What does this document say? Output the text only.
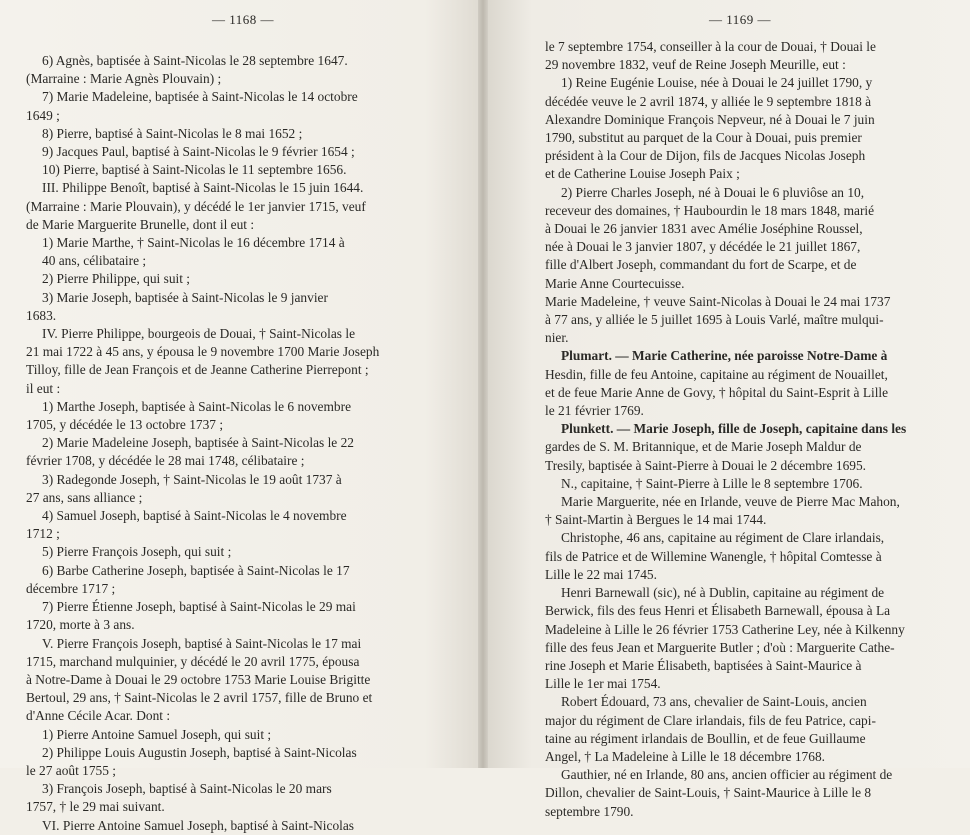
— 1168 —

6) Agnès, baptisée à Saint-Nicolas le 28 septembre 1647.

(Marraine : Marie Agnès Plouvain) ;

7) Marie Madeleine, baptisée à Saint-Nicolas le 14 octobre

1649 ;

8) Pierre, baptisé à Saint-Nicolas le 8 mai 1652 ;

9) Jacques Paul, baptisé à Saint-Nicolas le 9 février 1654 ;

10) Pierre, baptisé à Saint-Nicolas le 11 septembre 1656.

III. Philippe Benoît, baptisé à Saint-Nicolas le 15 juin 1644.

(Marraine : Marie Plouvain), y décédé le 1er janvier 1715, veuf

de Marie Marguerite Brunelle, dont il eut :

1) Marie Marthe, † Saint-Nicolas le 16 décembre 1714 à

40 ans, célibataire ;

2) Pierre Philippe, qui suit ;

3) Marie Joseph, baptisée à Saint-Nicolas le 9 janvier

1683.

IV. Pierre Philippe, bourgeois de Douai, † Saint-Nicolas le

21 mai 1722 à 45 ans, y épousa le 9 novembre 1700 Marie Joseph

Tilloy, fille de Jean François et de Jeanne Catherine Pierrepont ;

il eut :

1) Marthe Joseph, baptisée à Saint-Nicolas le 6 novembre

1705, y décédée le 13 octobre 1737 ;

2) Marie Madeleine Joseph, baptisée à Saint-Nicolas le 22

février 1708, y décédée le 28 mai 1748, célibataire ;

3) Radegonde Joseph, † Saint-Nicolas le 19 août 1737 à

27 ans, sans alliance ;

4) Samuel Joseph, baptisé à Saint-Nicolas le 4 novembre

1712 ;

5) Pierre François Joseph, qui suit ;

6) Barbe Catherine Joseph, baptisée à Saint-Nicolas le 17

décembre 1717 ;

7) Pierre Étienne Joseph, baptisé à Saint-Nicolas le 29 mai

1720, morte à 3 ans.

V. Pierre François Joseph, baptisé à Saint-Nicolas le 17 mai

1715, marchand mulquinier, y décédé le 20 avril 1775, épousa

à Notre-Dame à Douai le 29 octobre 1753 Marie Louise Brigitte

Bertoul, 29 ans, † Saint-Nicolas le 2 avril 1757, fille de Bruno et

d'Anne Cécile Acar. Dont :

1) Pierre Antoine Samuel Joseph, qui suit ;

2) Philippe Louis Augustin Joseph, baptisé à Saint-Nicolas

le 27 août 1755 ;

3) François Joseph, baptisé à Saint-Nicolas le 20 mars

1757, † le 29 mai suivant.

VI. Pierre Antoine Samuel Joseph, baptisé à Saint-Nicolas

— 1169 —

le 7 septembre 1754, conseiller à la cour de Douai, † Douai le

29 novembre 1832, veuf de Reine Joseph Meurille, eut :

1) Reine Eugénie Louise, née à Douai le 24 juillet 1790, y

décédée veuve le 2 avril 1874, y alliée le 9 septembre 1818 à

Alexandre Dominique François Nepveur, né à Douai le 7 juin

1790, substitut au parquet de la Cour à Douai, puis premier

président à la Cour de Dijon, fils de Jacques Nicolas Joseph

et de Catherine Louise Joseph Paix ;

2) Pierre Charles Joseph, né à Douai le 6 pluviôse an 10,

receveur des domaines, † Haubourdin le 18 mars 1848, marié

à Douai le 26 janvier 1831 avec Amélie Joséphine Roussel,

née à Douai le 3 janvier 1807, y décédée le 21 juillet 1867,

fille d'Albert Joseph, commandant du fort de Scarpe, et de

Marie Anne Courtecuisse.

Marie Madeleine, † veuve Saint-Nicolas à Douai le 24 mai 1737

à 77 ans, y alliée le 5 juillet 1695 à Louis Varlé, maître mulqui-

nier.

Plumart. — Marie Catherine, née paroisse Notre-Dame à

Hesdin, fille de feu Antoine, capitaine au régiment de Nouaillet,

et de feue Marie Anne de Govy, † hôpital du Saint-Esprit à Lille

le 21 février 1769.

Plunkett. — Marie Joseph, fille de Joseph, capitaine dans les

gardes de S. M. Britannique, et de Marie Joseph Maldur de

Tresily, baptisée à Saint-Pierre à Douai le 2 décembre 1695.

N., capitaine, † Saint-Pierre à Lille le 8 septembre 1706.

Marie Marguerite, née en Irlande, veuve de Pierre Mac Mahon,

† Saint-Martin à Bergues le 14 mai 1744.

Christophe, 46 ans, capitaine au régiment de Clare irlandais,

fils de Patrice et de Willemine Wanengle, † hôpital Comtesse à

Lille le 22 mai 1745.

Henri Barnewall (sic), né à Dublin, capitaine au régiment de

Berwick, fils des feus Henri et Élisabeth Barnewall, épousa à La

Madeleine à Lille le 26 février 1753 Catherine Ley, née à Kilkenny

fille des feus Jean et Marguerite Butler ; d'où : Marguerite Cathe-

rine Joseph et Marie Élisabeth, baptisées à Saint-Maurice à

Lille le 1er mai 1754.

Robert Édouard, 73 ans, chevalier de Saint-Louis, ancien

major du régiment de Clare irlandais, fils de feu Patrice, capi-

taine au régiment irlandais de Boullin, et de feue Guillaume

Angel, † La Madeleine à Lille le 18 décembre 1768.

Gauthier, né en Irlande, 80 ans, ancien officier au régiment de

Dillon, chevalier de Saint-Louis, † Saint-Maurice à Lille le 8

septembre 1790.
